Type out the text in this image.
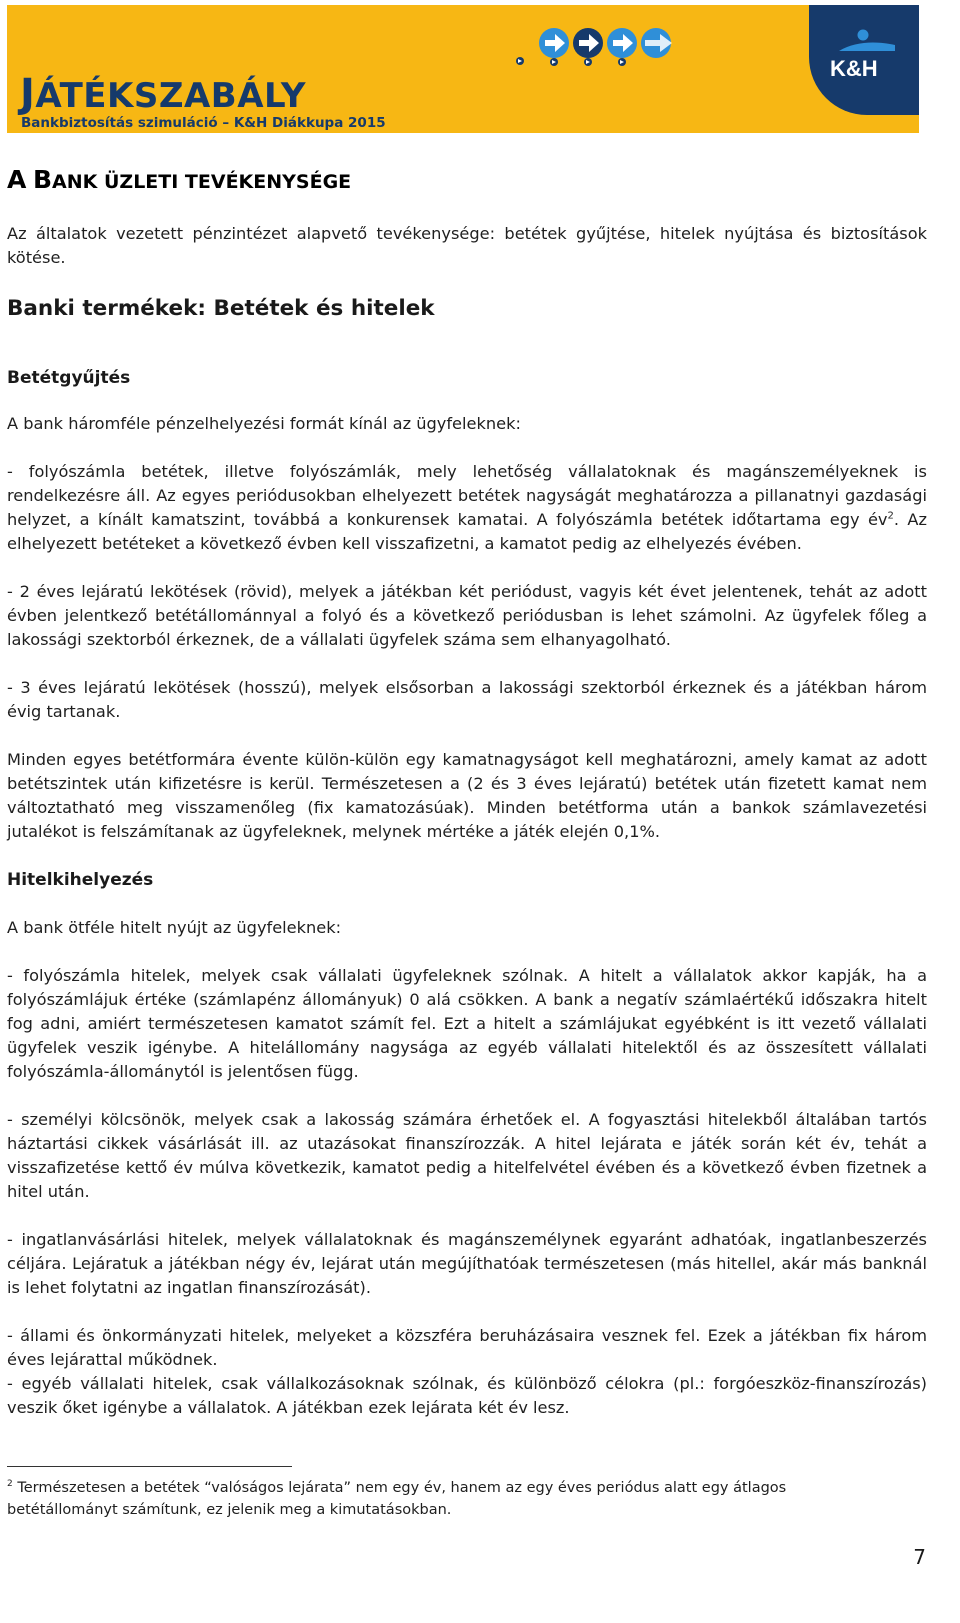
JÁTÉKSZABÁLY
Bankbiztosítás szimuláció – K&H Diákkupa 2015
K&H
A BANK ÜZLETI TEVÉKENYSÉGE

Az általatok vezetett pénzintézet alapvető tevékenysége: betétek gyűjtése, hitelek nyújtása és biztosítások kötése.

Banki termékek: Betétek és hitelek
Betétgyűjtés

A bank háromféle pénzelhelyezési formát kínál az ügyfeleknek:

- folyószámla betétek, illetve folyószámlák, mely lehetőség vállalatoknak és magánszemélyeknek is rendelkezésre áll. Az egyes periódusokban elhelyezett betétek nagyságát meghatározza a pillanatnyi gazdasági helyzet, a kínált kamatszint, továbbá a konkurensek kamatai. A folyószámla betétek időtartama egy $év^2$. Az elhelyezett betéteket a következő évben kell visszafizetni, a kamatot pedig az elhelyezés évében.

- 2 éves lejáratú lekötések (rövid), melyek a játékban két periódust, vagyis két évet jelentenek, tehát az adott évben jelentkező betétállománnyal a folyó és a következő periódusban is lehet számolni. Az ügyfelek főleg a lakossági szektorból érkeznek, de a vállalati ügyfelek száma sem elhanyagolható.

- 3 éves lejáratú lekötések (hosszú), melyek elsősorban a lakossági szektorból érkeznek és a játékban három évig tartanak.

Minden egyes betétformára évente külön-külön egy kamatnagyságot kell meghatározni, amely kamat az adott betétszintek után kifizetésre is kerül. Természetesen a (2 és 3 éves lejáratú) betétek után fizetett kamat nem változtatható meg visszamenőleg (fix kamatozásúak). Minden betétforma után a bankok számlavezetési jutalékot is felszámítanak az ügyfeleknek, melynek mértéke a játék elején 0,1%.

Hitelkihelyezés

A bank ötféle hitelt nyújt az ügyfeleknek:

- folyószámla hitelek, melyek csak vállalati ügyfeleknek szólnak. A hitelt a vállalatok akkor kapják, ha a folyószámlájuk értéke (számlapénz állományuk) 0 alá csökken. A bank a negatív számlaértékű időszakra hitelt fog adni, amiért természetesen kamatot számít fel. Ezt a hitelt a számlájukat egyébként is itt vezető vállalati ügyfelek veszik igénybe. A hitelállomány nagysága az egyéb vállalati hitelektől és az összesített vállalati folyószámla-állománytól is jelentősen függ.

- személyi kölcsönök, melyek csak a lakosság számára érhetőek el. A fogyasztási hitelekből általában tartós háztartási cikkek vásárlását ill. az utazásokat finanszírozzák. A hitel lejárata e játék során két év, tehát a visszafizetése kettő év múlva következik, kamatot pedig a hitelfelvétel évében és a következő évben fizetnek a hitel után.

- ingatlanvásárlási hitelek, melyek vállalatoknak és magánszemélynek egyaránt adhatóak, ingatlanbeszerzés céljára. Lejáratuk a játékban négy év, lejárat után megújíthatóak természetesen (más hitellel, akár más banknál is lehet folytatni az ingatlan finanszírozását).

- állami és önkormányzati hitelek, melyeket a közszféra beruházásaira vesznek fel. Ezek a játékban fix három éves lejárattal működnek.

- egyéb vállalati hitelek, csak vállalkozásoknak szólnak, és különböző célokra (pl.: forgóeszköz-finanszírozás) veszik őket igénybe a vállalatok. A játékban ezek lejárata két év lesz.

$^2$ Természetesen a betétek “valóságos lejárata” nem egy év, hanem az egy éves periódus alatt egy átlagos betétállományt számítunk, ez jelenik meg a kimutatásokban.
7
